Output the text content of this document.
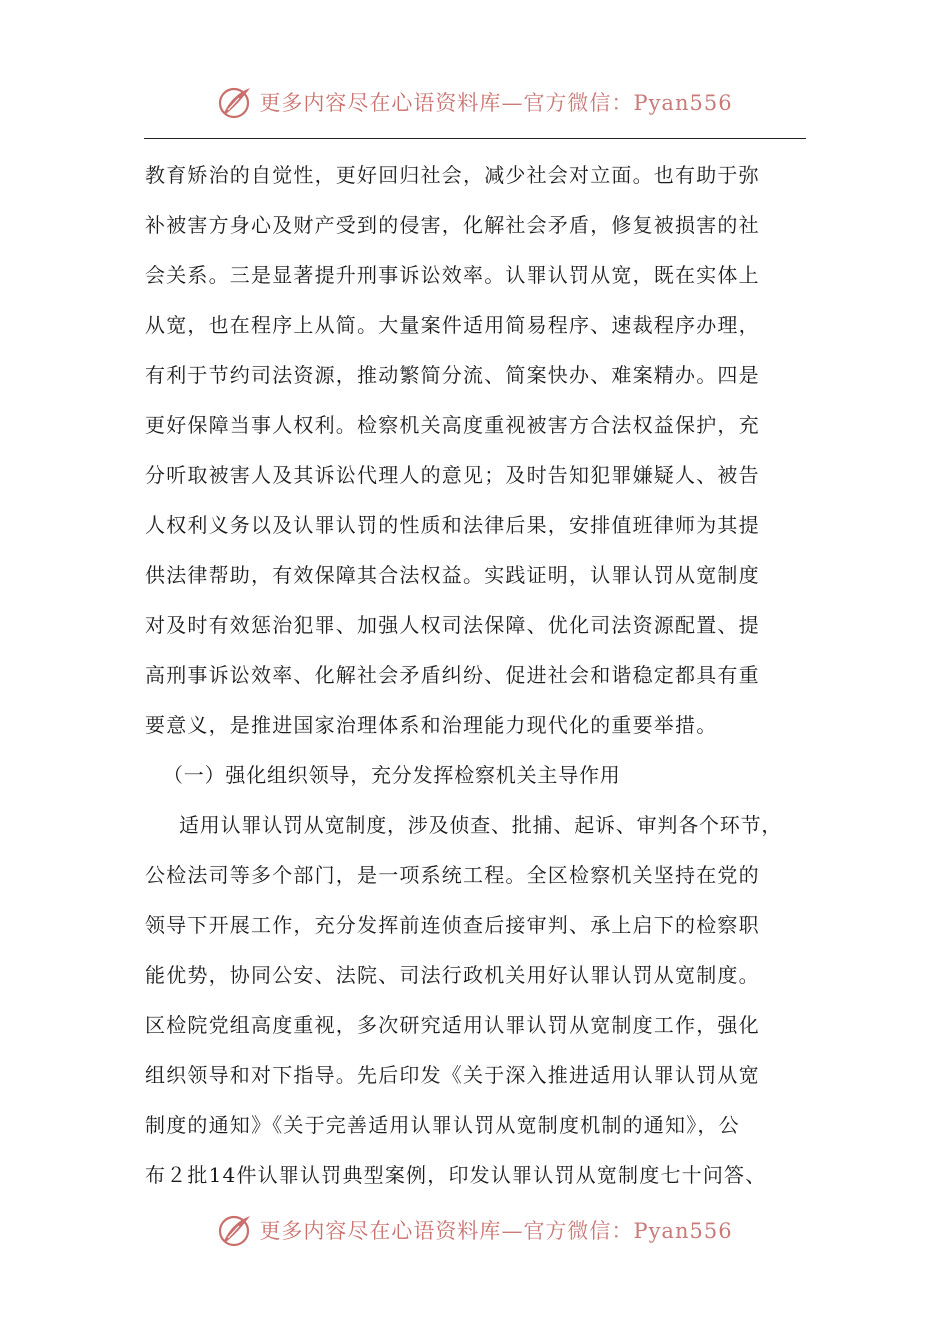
更多内容尽在心语资料库—官方微信：Pyan556
教育矫治的自觉性，更好回归社会，减少社会对立面。也有助于弥
补被害方身心及财产受到的侵害，化解社会矛盾，修复被损害的社
会关系。三是显著提升刑事诉讼效率。认罪认罚从宽，既在实体上
从宽，也在程序上从简。大量案件适用简易程序、速裁程序办理，
有利于节约司法资源，推动繁简分流、简案快办、难案精办。四是
更好保障当事人权利。检察机关高度重视被害方合法权益保护，充
分听取被害人及其诉讼代理人的意见；及时告知犯罪嫌疑人、被告
人权利义务以及认罪认罚的性质和法律后果，安排值班律师为其提
供法律帮助，有效保障其合法权益。实践证明，认罪认罚从宽制度
对及时有效惩治犯罪、加强人权司法保障、优化司法资源配置、提
高刑事诉讼效率、化解社会矛盾纠纷、促进社会和谐稳定都具有重
要意义，是推进国家治理体系和治理能力现代化的重要举措。
（一）强化组织领导，充分发挥检察机关主导作用
适用认罪认罚从宽制度，涉及侦查、批捕、起诉、审判各个环节，
公检法司等多个部门，是一项系统工程。全区检察机关坚持在党的
领导下开展工作，充分发挥前连侦查后接审判、承上启下的检察职
能优势，协同公安、法院、司法行政机关用好认罪认罚从宽制度。
区检院党组高度重视，多次研究适用认罪认罚从宽制度工作，强化
组织领导和对下指导。先后印发《关于深入推进适用认罪认罚从宽
制度的通知》《关于完善适用认罪认罚从宽制度机制的通知》，公
布２批14件认罪认罚典型案例，印发认罪认罚从宽制度七十问答、
更多内容尽在心语资料库—官方微信：Pyan556
